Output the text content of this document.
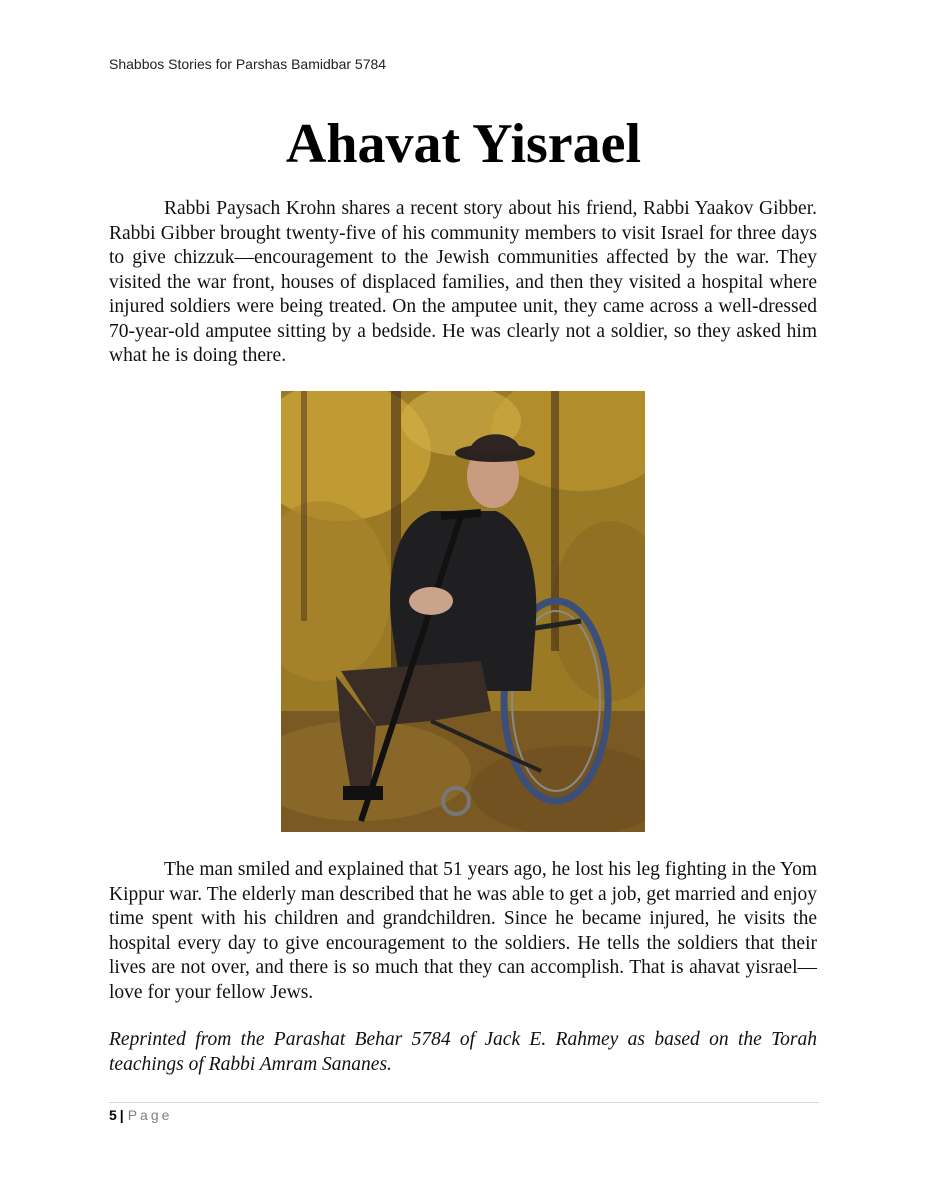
Shabbos Stories for Parshas Bamidbar 5784
Ahavat Yisrael

Rabbi Paysach Krohn shares a recent story about his friend, Rabbi Yaakov Gibber. Rabbi Gibber brought twenty-five of his community members to visit Israel for three days to give chizzuk—encouragement to the Jewish communities affected by the war. They visited the war front, houses of displaced families, and then they visited a hospital where injured soldiers were being treated. On the amputee unit, they came across a well-dressed 70-year-old amputee sitting by a bedside. He was clearly not a soldier, so they asked him what he is doing there.

The man smiled and explained that 51 years ago, he lost his leg fighting in the Yom Kippur war. The elderly man described that he was able to get a job, get married and enjoy time spent with his children and grandchildren. Since he became injured, he visits the hospital every day to give encouragement to the soldiers. He tells the soldiers that their lives are not over, and there is so much that they can accomplish. That is ahavat yisrael—love for your fellow Jews.

Reprinted from the Parashat Behar 5784 of Jack E. Rahmey as based on the Torah teachings of Rabbi Amram Sananes.

5 | Page
